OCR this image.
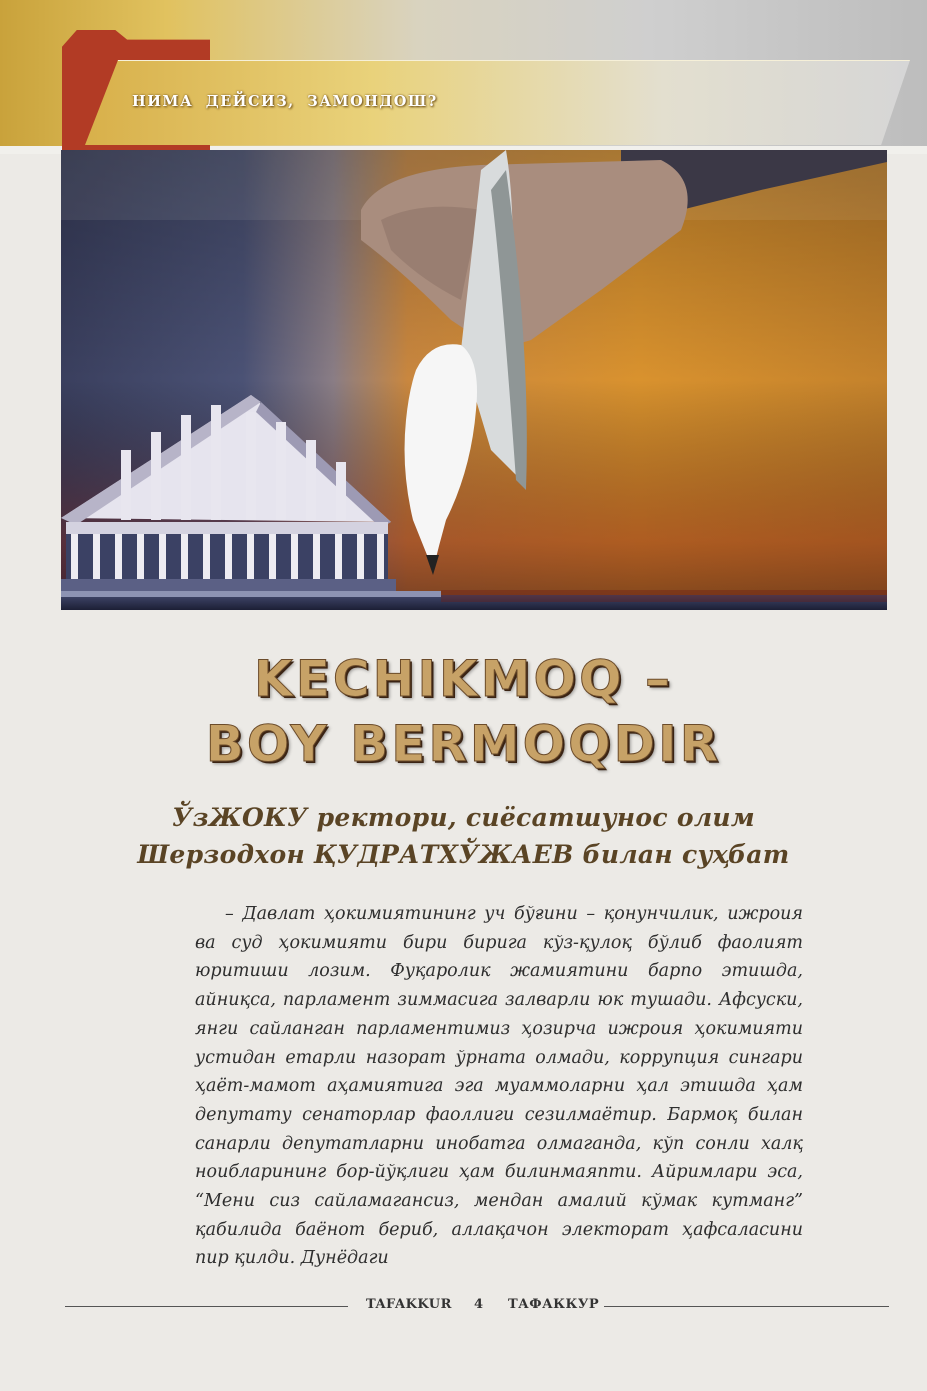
НИМА ДЕЙСИЗ, ЗАМОНДОШ?
KECHIKMOQ –
BOY BERMOQDIR
ЎзЖОКУ ректори, сиёсатшунос олим
Шерзодхон ҚУДРАТХЎЖАЕВ билан суҳбат
– Давлат ҳокимиятининг уч бўғини – қонунчилик, ижроия ва суд ҳокимияти бири бирига кўз-қулоқ бўлиб фаолият юритиши лозим. Фуқаролик жамиятини барпо этишда, айниқса, парламент зиммасига залварли юк тушади. Афсуски, янги сайланган парламентимиз ҳозирча ижроия ҳокимияти устидан етарли назорат ўрната олмади, коррупция сингари ҳаёт-мамот аҳамиятига эга муаммоларни ҳал этишда ҳам депутату сенаторлар фаоллиги сезилмаётир. Бармоқ билан санарли депутатларни инобатга олмаганда, кўп сонли халқ ноибларининг бор-йўқлиги ҳам билинмаяпти. Айримлари эса, “Мени сиз сайламагансиз, мендан амалий кўмак кутманг” қабилида баёнот бериб, аллақачон электорат ҳафсаласини пир қилди. Дунёдаги
TAFAKKUR 4 ТАФАККУР
